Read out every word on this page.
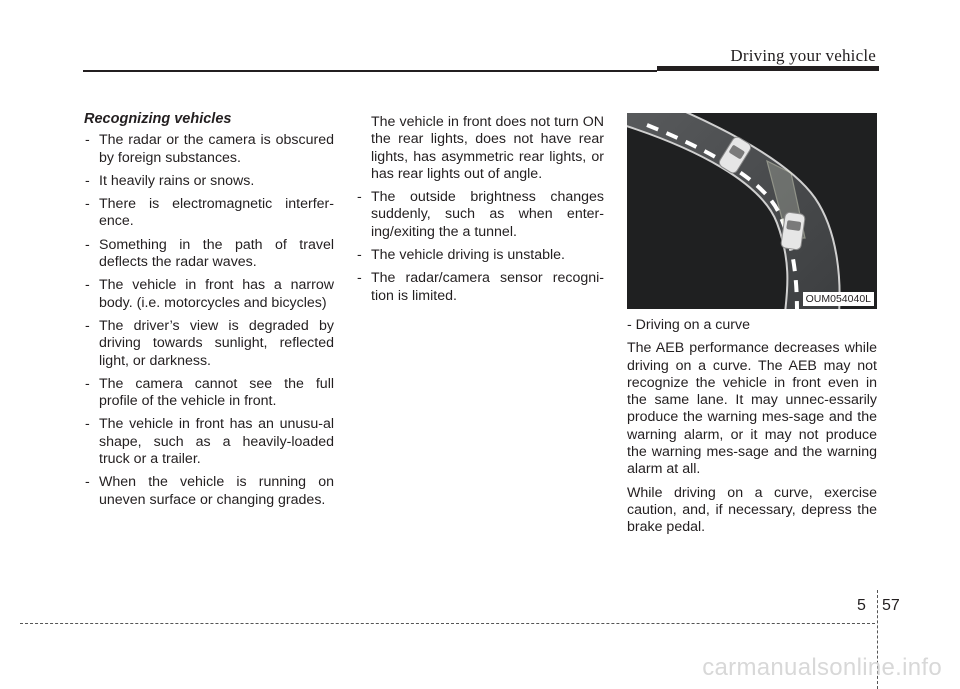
Driving your vehicle
Recognizing vehicles
- The radar or the camera is obscured by foreign substances.
- It heavily rains or snows.
- There is electromagnetic interfer-ence.
- Something in the path of travel deflects the radar waves.
- The vehicle in front has a narrow body. (i.e. motorcycles and bicycles)
- The driver’s view is degraded by driving towards sunlight, reflected light, or darkness.
- The camera cannot see the full profile of the vehicle in front.
- The vehicle in front has an unusu-al shape, such as a heavily-loaded truck or a trailer.
- When the vehicle is running on uneven surface or changing grades.

The vehicle in front does not turn ON the rear lights, does not have rear lights, has asymmetric rear lights, or has rear lights out of angle.

- The outside brightness changes suddenly, such as when enter-ing/exiting the a tunnel.
- The vehicle driving is unstable.
- The radar/camera sensor recogni-tion is limited.	OUM054040L

- Driving on a curve

The AEB performance decreases while driving on a curve. The AEB may not recognize the vehicle in front even in the same lane. It may unnec-essarily produce the warning mes-sage and the warning alarm, or it may not produce the warning mes-sage and the warning alarm at all.

While driving on a curve, exercise caution, and, if necessary, depress the brake pedal.

5 57
carmanualsonline.info
